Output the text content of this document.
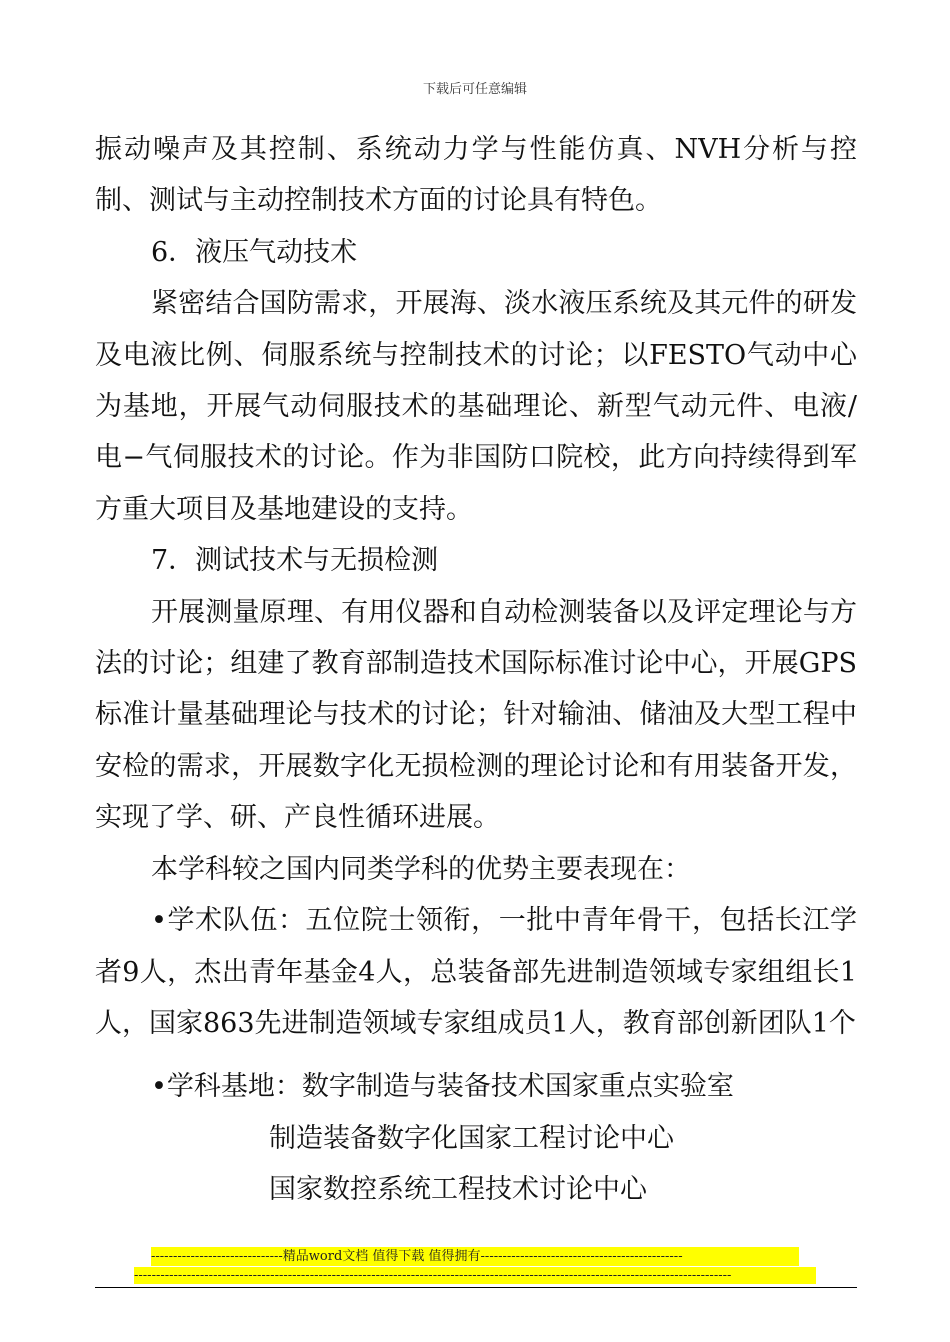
下载后可任意编辑

振动噪声及其控制、系统动力学与性能仿真、NVH分析与控制、测试与主动控制技术方面的讨论具有特色。

6．液压气动技术

紧密结合国防需求，开展海、淡水液压系统及其元件的研发及电液比例、伺服系统与控制技术的讨论；以FESTO气动中心为基地，开展气动伺服技术的基础理论、新型气动元件、电液/电−气伺服技术的讨论。作为非国防口院校，此方向持续得到军方重大项目及基地建设的支持。

7．测试技术与无损检测

开展测量原理、有用仪器和自动检测装备以及评定理论与方法的讨论；组建了教育部制造技术国际标准讨论中心，开展GPS标准计量基础理论与技术的讨论；针对输油、储油及大型工程中安检的需求，开展数字化无损检测的理论讨论和有用装备开发，实现了学、研、产良性循环进展。

本学科较之国内同类学科的优势主要表现在：

•学术队伍：五位院士领衔，一批中青年骨干，包括长江学者9人，杰出青年基金4人，总装备部先进制造领域专家组组长1人，国家863先进制造领域专家组成员1人，教育部创新团队1个

•学科基地：数字制造与装备技术国家重点实验室

制造装备数字化国家工程讨论中心

国家数控系统工程技术讨论中心

------------------------------精品word文档 值得下载 值得拥有----------------------------------------------
----------------------------------------------------------------------------------------------------------------------------------------
